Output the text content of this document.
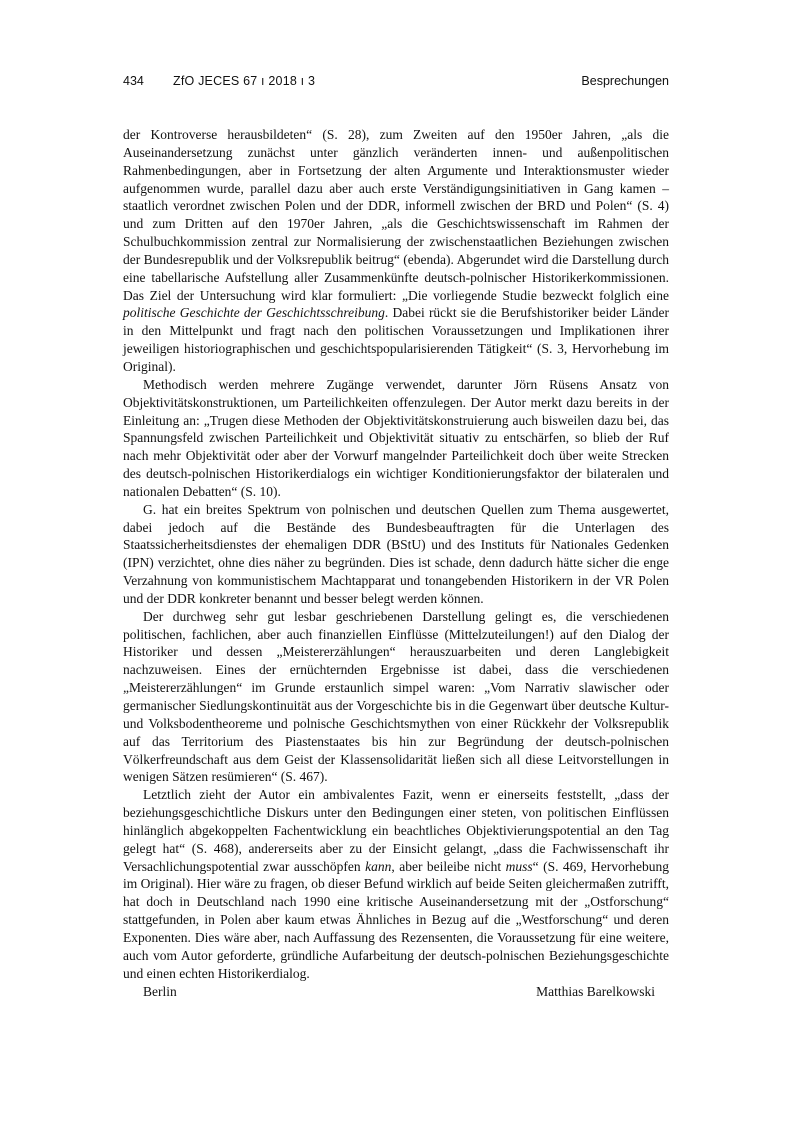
434 ZfO JECES 67 ı 2018 ı 3	Besprechungen

der Kontroverse herausbildeten“ (S. 28), zum Zweiten auf den 1950er Jahren, „als die Auseinandersetzung zunächst unter gänzlich veränderten innen- und außenpolitischen Rahmenbedingungen, aber in Fortsetzung der alten Argumente und Interaktionsmuster wieder aufgenommen wurde, parallel dazu aber auch erste Verständigungsinitiativen in Gang kamen – staatlich verordnet zwischen Polen und der DDR, informell zwischen der BRD und Polen“ (S. 4) und zum Dritten auf den 1970er Jahren, „als die Geschichtswissenschaft im Rahmen der Schulbuchkommission zentral zur Normalisierung der zwischenstaatlichen Beziehungen zwischen der Bundesrepublik und der Volksrepublik beitrug“ (ebenda). Abgerundet wird die Darstellung durch eine tabellarische Aufstellung aller Zusammenkünfte deutsch-polnischer Historikerkommissionen. Das Ziel der Untersuchung wird klar formuliert: „Die vorliegende Studie bezweckt folglich eine politische Geschichte der Geschichtsschreibung. Dabei rückt sie die Berufshistoriker beider Länder in den Mittelpunkt und fragt nach den politischen Voraussetzungen und Implikationen ihrer jeweiligen historiographischen und geschichtspopularisierenden Tätigkeit“ (S. 3, Hervorhebung im Original).

Methodisch werden mehrere Zugänge verwendet, darunter Jörn Rüsens Ansatz von Objektivitätskonstruktionen, um Parteilichkeiten offenzulegen. Der Autor merkt dazu bereits in der Einleitung an: „Trugen diese Methoden der Objektivitätskonstruierung auch bisweilen dazu bei, das Spannungsfeld zwischen Parteilichkeit und Objektivität situativ zu entschärfen, so blieb der Ruf nach mehr Objektivität oder aber der Vorwurf mangelnder Parteilichkeit doch über weite Strecken des deutsch-polnischen Historikerdialogs ein wichtiger Konditionierungsfaktor der bilateralen und nationalen Debatten“ (S. 10).

G. hat ein breites Spektrum von polnischen und deutschen Quellen zum Thema ausgewertet, dabei jedoch auf die Bestände des Bundesbeauftragten für die Unterlagen des Staatssicherheitsdienstes der ehemaligen DDR (BStU) und des Instituts für Nationales Gedenken (IPN) verzichtet, ohne dies näher zu begründen. Dies ist schade, denn dadurch hätte sicher die enge Verzahnung von kommunistischem Machtapparat und tonangebenden Historikern in der VR Polen und der DDR konkreter benannt und besser belegt werden können.

Der durchweg sehr gut lesbar geschriebenen Darstellung gelingt es, die verschiedenen politischen, fachlichen, aber auch finanziellen Einflüsse (Mittelzuteilungen!) auf den Dialog der Historiker und dessen „Meistererzählungen“ herauszuarbeiten und deren Langlebigkeit nachzuweisen. Eines der ernüchternden Ergebnisse ist dabei, dass die verschiedenen „Meistererzählungen“ im Grunde erstaunlich simpel waren: „Vom Narrativ slawischer oder germanischer Siedlungskontinuität aus der Vorgeschichte bis in die Gegenwart über deutsche Kultur- und Volksbodentheoreme und polnische Geschichtsmythen von einer Rückkehr der Volksrepublik auf das Territorium des Piastenstaates bis hin zur Begründung der deutsch-polnischen Völkerfreundschaft aus dem Geist der Klassensolidarität ließen sich all diese Leitvorstellungen in wenigen Sätzen resümieren“ (S. 467).

Letztlich zieht der Autor ein ambivalentes Fazit, wenn er einerseits feststellt, „dass der beziehungsgeschichtliche Diskurs unter den Bedingungen einer steten, von politischen Einflüssen hinlänglich abgekoppelten Fachentwicklung ein beachtliches Objektivierungspotential an den Tag gelegt hat“ (S. 468), andererseits aber zu der Einsicht gelangt, „dass die Fachwissenschaft ihr Versachlichungspotential zwar ausschöpfen kann, aber beileibe nicht muss“ (S. 469, Hervorhebung im Original). Hier wäre zu fragen, ob dieser Befund wirklich auf beide Seiten gleichermaßen zutrifft, hat doch in Deutschland nach 1990 eine kritische Auseinandersetzung mit der „Ostforschung“ stattgefunden, in Polen aber kaum etwas Ähnliches in Bezug auf die „Westforschung“ und deren Exponenten. Dies wäre aber, nach Auffassung des Rezensenten, die Voraussetzung für eine weitere, auch vom Autor geforderte, gründliche Aufarbeitung der deutsch-polnischen Beziehungsgeschichte und einen echten Historikerdialog.

Berlin	Matthias Barelkowski
